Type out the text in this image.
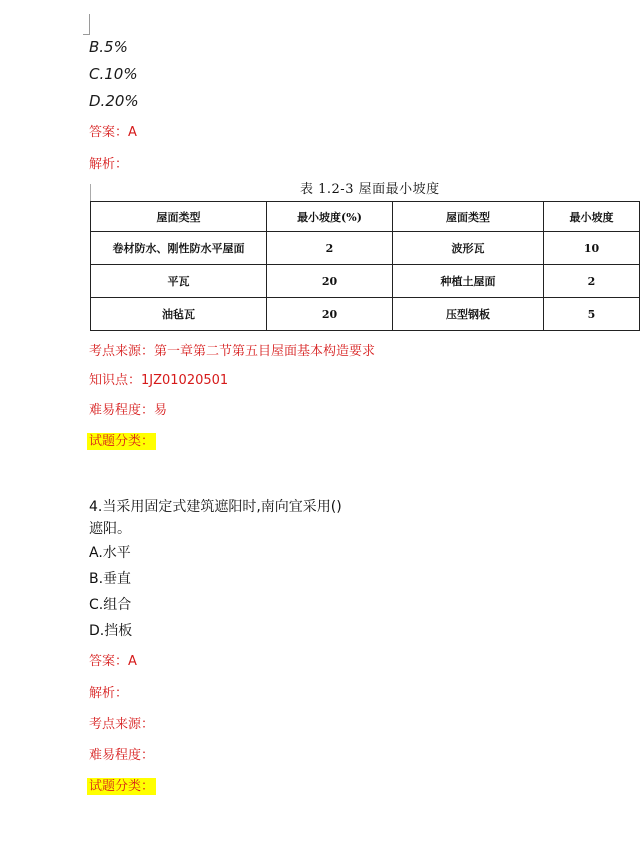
B.5%
C.10%
D.20%
答案：A
解析：
表 1.2-3 屋面最小坡度
屋面类型	最小坡度(%)	屋面类型	最小坡度
卷材防水、刚性防水平屋面	2	波形瓦	10
平瓦	20	种植土屋面	2
油毡瓦	20	压型钢板	5
考点来源：第一章第二节第五目屋面基本构造要求
知识点：1JZ01020501
难易程度：易
试题分类：
4.当采用固定式建筑遮阳时,南向宜采用()
遮阳。
A.水平
B.垂直
C.组合
D.挡板
答案：A
解析：
考点来源：
难易程度：
试题分类：
